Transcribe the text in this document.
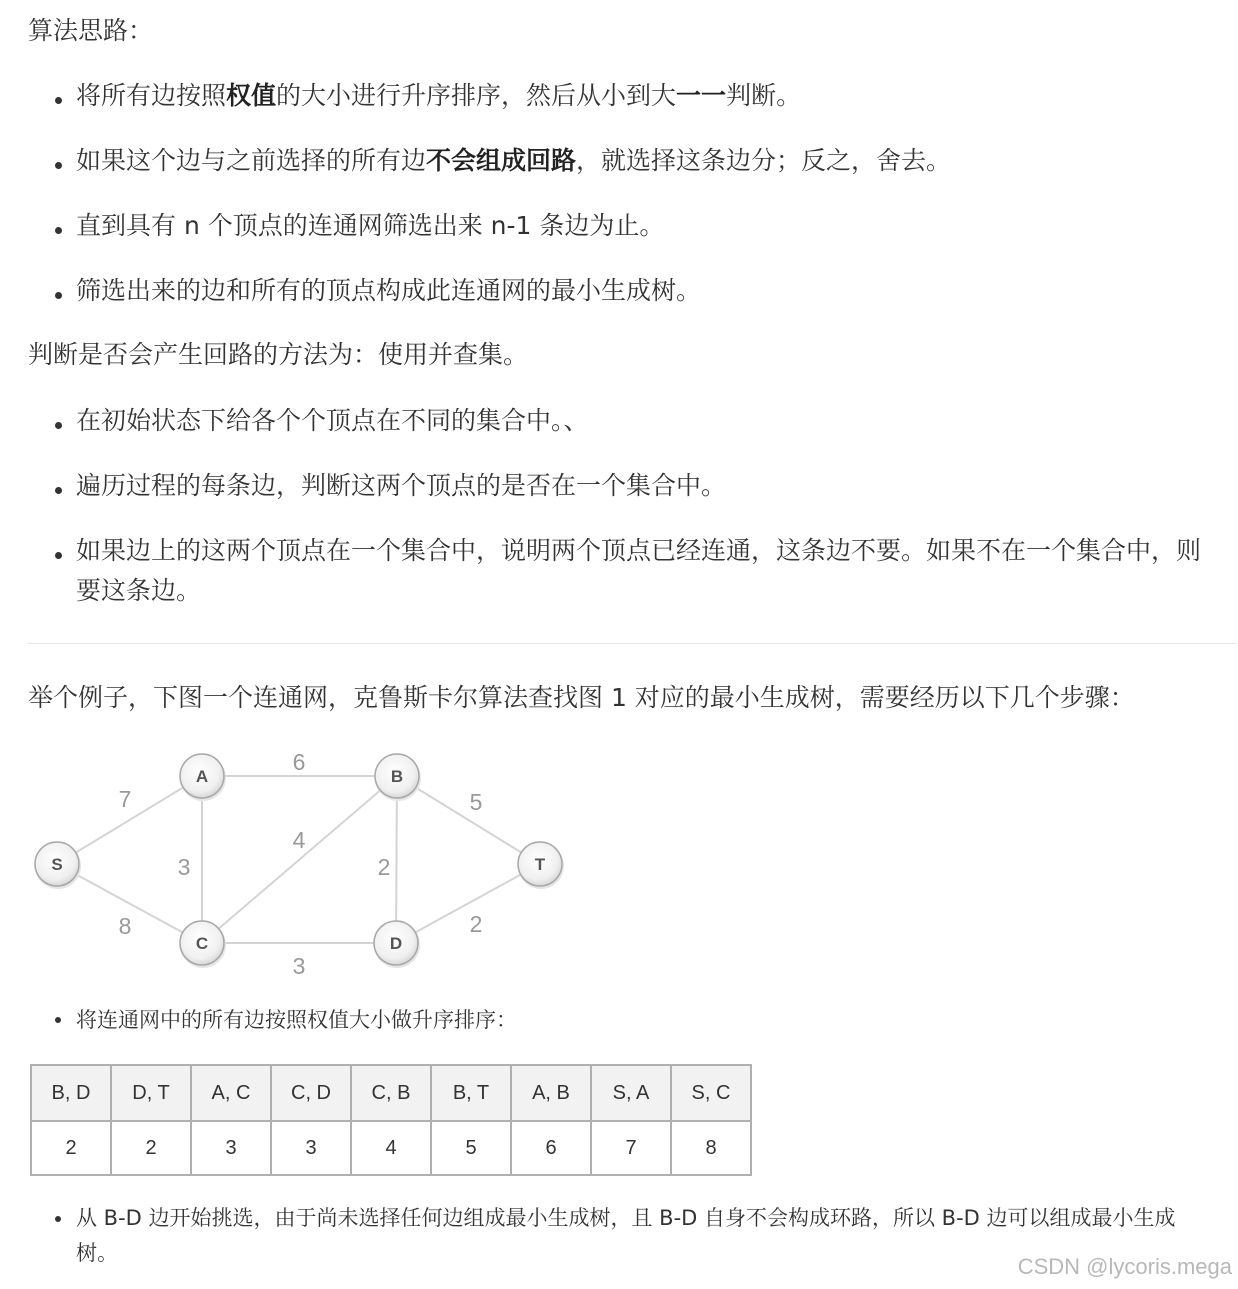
算法思路：
将所有边按照权值的大小进行升序排序，然后从小到大一一判断。
如果这个边与之前选择的所有边不会组成回路，就选择这条边分；反之，舍去。
直到具有 n 个顶点的连通网筛选出来 n-1 条边为止。
筛选出来的边和所有的顶点构成此连通网的最小生成树。
判断是否会产生回路的方法为：使用并查集。
在初始状态下给各个个顶点在不同的集合中。、
遍历过程的每条边，判断这两个顶点的是否在一个集合中。
如果边上的这两个顶点在一个集合中，说明两个顶点已经连通，这条边不要。如果不在一个集合中，则
要这条边。
举个例子，下图一个连通网，克鲁斯卡尔算法查找图 1 对应的最小生成树，需要经历以下几个步骤：
A	B
S	T
C	D
7
6
5
3
4
2
8
3
2
将连通网中的所有边按照权值大小做升序排序：
B, D	D, T	A, C	C, D	C, B	B, T	A, B	S, A	S, C
2	2	3	3	4	5	6	7	8
从 B-D 边开始挑选，由于尚未选择任何边组成最小生成树，且 B-D 自身不会构成环路，所以 B-D 边可以组成最小生成
树。
CSDN @lycoris.mega
